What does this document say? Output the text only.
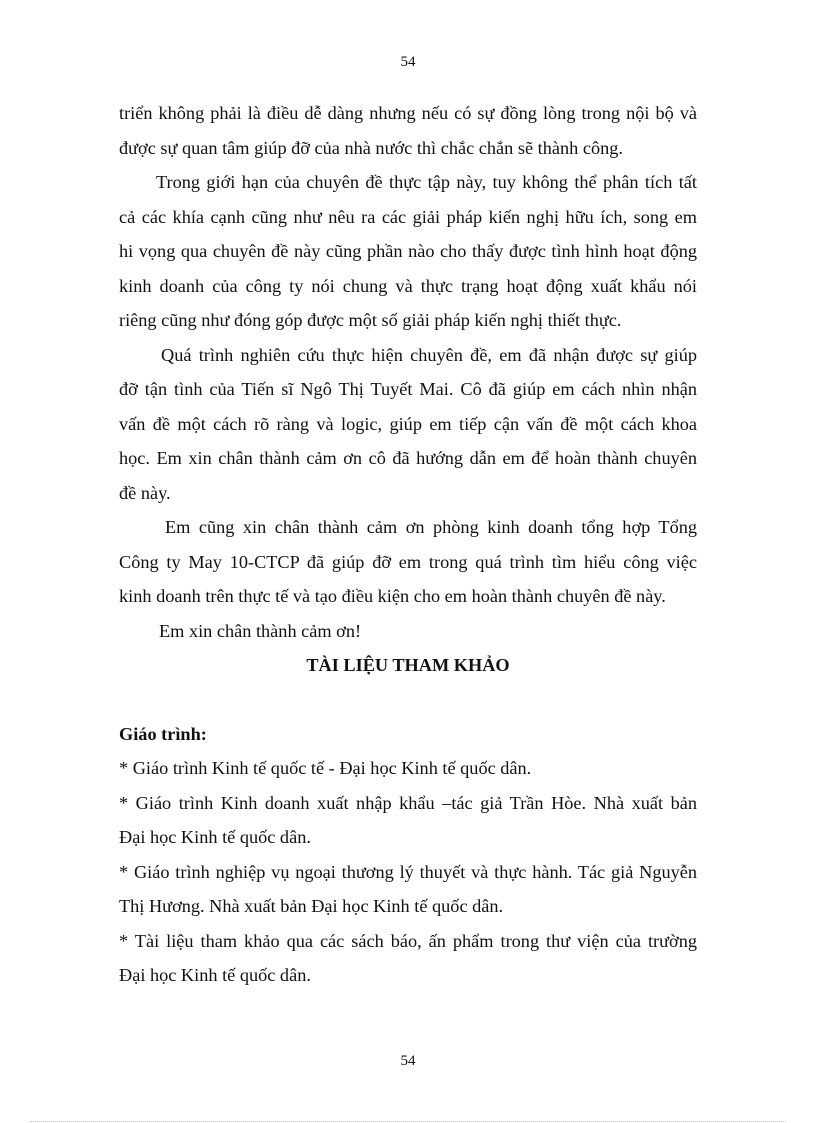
54

triển không phải là điều dễ dàng nhưng nếu có sự đồng lòng trong nội bộ và
được sự quan tâm giúp đỡ của nhà nước thì chắc chắn sẽ thành công.

Trong giới hạn của chuyên đề thực tập này, tuy không thể phân tích tất
cả các khía cạnh cũng như nêu ra các giải pháp kiến nghị hữu ích, song em
hi vọng qua chuyên đề này cũng phần nào cho thấy được tình hình hoạt động
kinh doanh của công ty nói chung và thực trạng hoạt động xuất khẩu nói
riêng cũng như đóng góp được một số giải pháp kiến nghị thiết thực.

Quá trình nghiên cứu thực hiện chuyên đề, em đã nhận được sự giúp
đỡ tận tình của Tiến sĩ Ngô Thị Tuyết Mai. Cô đã giúp em cách nhìn nhận
vấn đề một cách rõ ràng và logic, giúp em tiếp cận vấn đề một cách khoa
học. Em xin chân thành cảm ơn cô đã hướng dẫn em để hoàn thành chuyên
đề này.

Em cũng xin chân thành cảm ơn phòng kinh doanh tổng hợp Tổng
Công ty May 10-CTCP đã giúp đỡ em trong quá trình tìm hiểu công việc
kinh doanh trên thực tế và tạo điều kiện cho em hoàn thành chuyên đề này.

Em xin chân thành cảm ơn!

TÀI LIỆU THAM KHẢO
Giáo trình:

* Giáo trình Kinh tế quốc tế - Đại học Kinh tế quốc dân.

* Giáo trình Kinh doanh xuất nhập khẩu –tác giả Trần Hòe. Nhà xuất bản
Đại học Kinh tế quốc dân.

* Giáo trình nghiệp vụ ngoại thương lý thuyết và thực hành. Tác giả Nguyễn
Thị Hương. Nhà xuất bản Đại học Kinh tế quốc dân.

* Tài liệu tham khảo qua các sách báo, ấn phẩm trong thư viện của trường
Đại học Kinh tế quốc dân.

54
